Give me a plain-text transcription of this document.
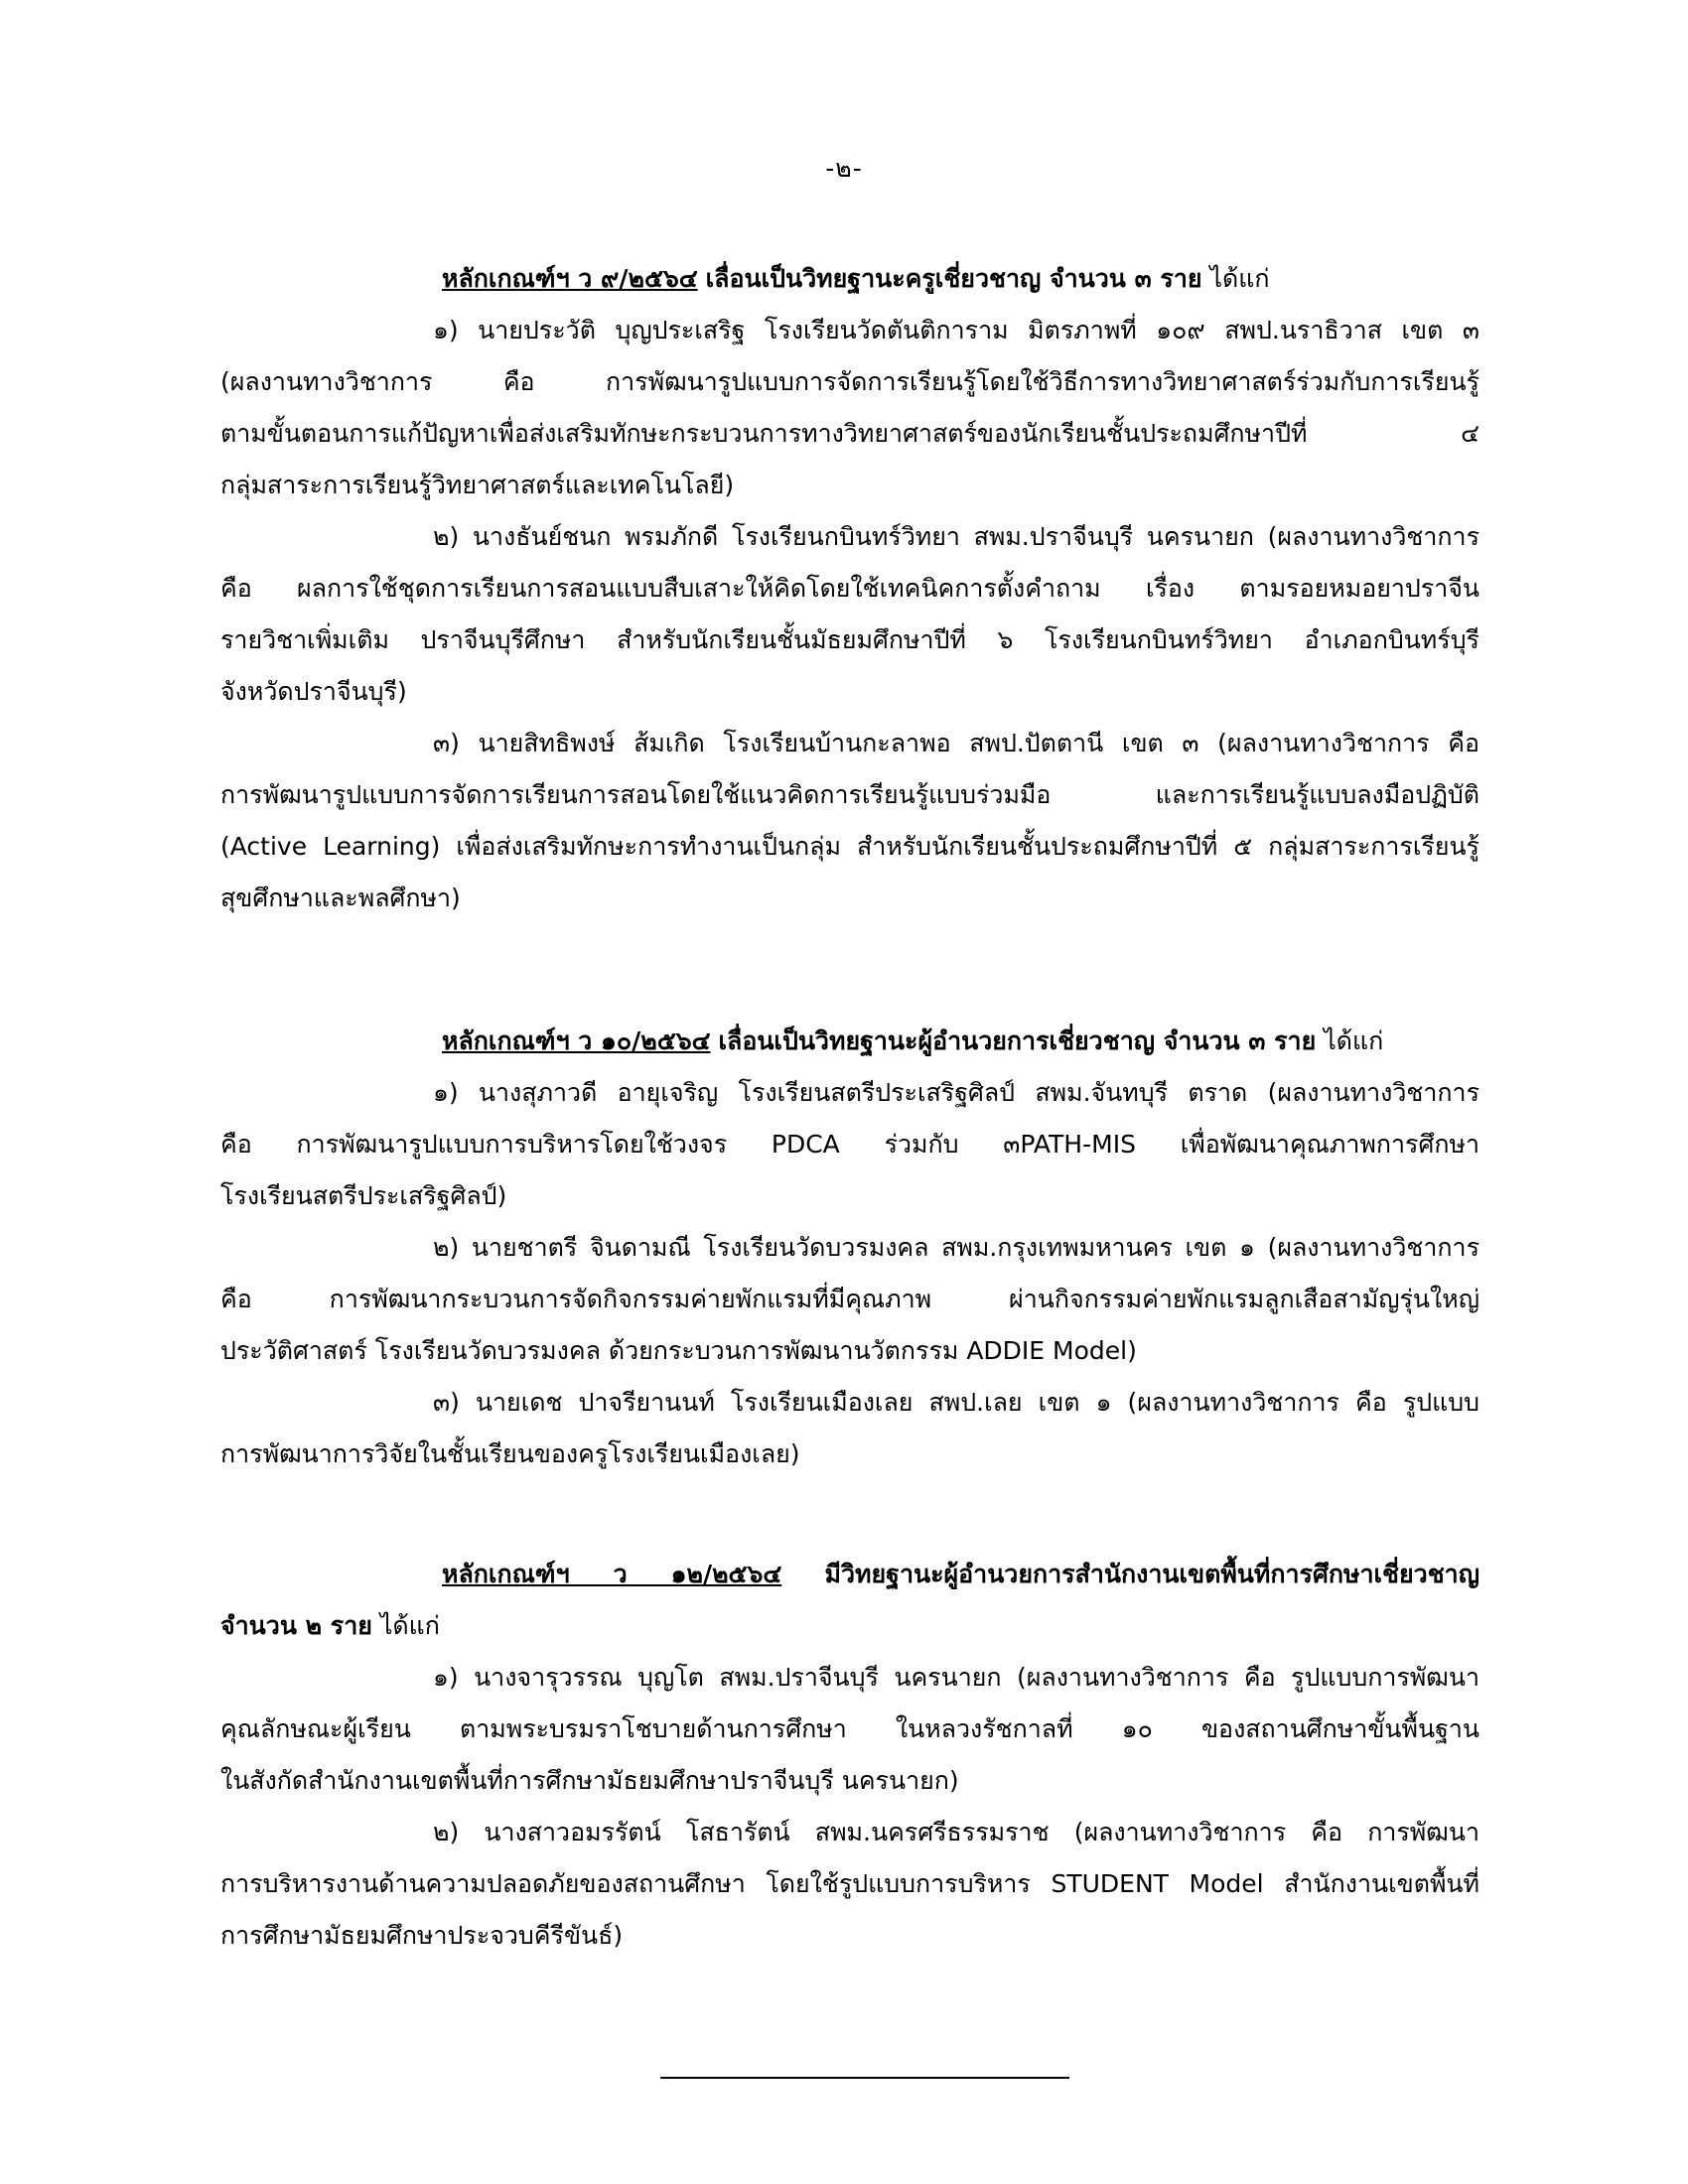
-๒-
หลักเกณฑ์ฯ ว ๙/๒๕๖๔ เลื่อนเป็นวิทยฐานะครูเชี่ยวชาญ จำนวน ๓ ราย ได้แก่
๑) นายประวัติ บุญประเสริฐ โรงเรียนวัดตันติการาม มิตรภาพที่ ๑๐๙ สพป.นราธิวาส เขต ๓
(ผลงานทางวิชาการ คือ การพัฒนารูปแบบการจัดการเรียนรู้โดยใช้วิธีการทางวิทยาศาสตร์ร่วมกับการเรียนรู้
ตามขั้นตอนการแก้ปัญหาเพื่อส่งเสริมทักษะกระบวนการทางวิทยาศาสตร์ของนักเรียนชั้นประถมศึกษาปีที่ ๔
กลุ่มสาระการเรียนรู้วิทยาศาสตร์และเทคโนโลยี)
๒) นางธันย์ชนก พรมภักดี โรงเรียนกบินทร์วิทยา สพม.ปราจีนบุรี นครนายก (ผลงานทางวิชาการ
คือ ผลการใช้ชุดการเรียนการสอนแบบสืบเสาะให้คิดโดยใช้เทคนิคการตั้งคำถาม เรื่อง ตามรอยหมอยาปราจีน
รายวิชาเพิ่มเติม ปราจีนบุรีศึกษา สำหรับนักเรียนชั้นมัธยมศึกษาปีที่ ๖ โรงเรียนกบินทร์วิทยา อำเภอกบินทร์บุรี
จังหวัดปราจีนบุรี)
๓) นายสิทธิพงษ์ ส้มเกิด โรงเรียนบ้านกะลาพอ สพป.ปัตตานี เขต ๓ (ผลงานทางวิชาการ คือ
การพัฒนารูปแบบการจัดการเรียนการสอนโดยใช้แนวคิดการเรียนรู้แบบร่วมมือ และการเรียนรู้แบบลงมือปฏิบัติ
(Active Learning) เพื่อส่งเสริมทักษะการทำงานเป็นกลุ่ม สำหรับนักเรียนชั้นประถมศึกษาปีที่ ๕ กลุ่มสาระการเรียนรู้
สุขศึกษาและพลศึกษา)
หลักเกณฑ์ฯ ว ๑๐/๒๕๖๔ เลื่อนเป็นวิทยฐานะผู้อำนวยการเชี่ยวชาญ จำนวน ๓ ราย ได้แก่
๑) นางสุภาวดี อายุเจริญ โรงเรียนสตรีประเสริฐศิลป์ สพม.จันทบุรี ตราด (ผลงานทางวิชาการ
คือ การพัฒนารูปแบบการบริหารโดยใช้วงจร PDCA ร่วมกับ ๓PATH-MIS เพื่อพัฒนาคุณภาพการศึกษา
โรงเรียนสตรีประเสริฐศิลป์)
๒) นายชาตรี จินดามณี โรงเรียนวัดบวรมงคล สพม.กรุงเทพมหานคร เขต ๑ (ผลงานทางวิชาการ
คือ การพัฒนากระบวนการจัดกิจกรรมค่ายพักแรมที่มีคุณภาพ ผ่านกิจกรรมค่ายพักแรมลูกเสือสามัญรุ่นใหญ่
ประวัติศาสตร์ โรงเรียนวัดบวรมงคล ด้วยกระบวนการพัฒนานวัตกรรม ADDIE Model)
๓) นายเดช ปาจรียานนท์ โรงเรียนเมืองเลย สพป.เลย เขต ๑ (ผลงานทางวิชาการ คือ รูปแบบ
การพัฒนาการวิจัยในชั้นเรียนของครูโรงเรียนเมืองเลย)
หลักเกณฑ์ฯ ว ๑๒/๒๕๖๔ มีวิทยฐานะผู้อำนวยการสำนักงานเขตพื้นที่การศึกษาเชี่ยวชาญ
จำนวน ๒ ราย ได้แก่
๑) นางจารุวรรณ บุญโต สพม.ปราจีนบุรี นครนายก (ผลงานทางวิชาการ คือ รูปแบบการพัฒนา
คุณลักษณะผู้เรียน ตามพระบรมราโชบายด้านการศึกษา ในหลวงรัชกาลที่ ๑๐ ของสถานศึกษาขั้นพื้นฐาน
ในสังกัดสำนักงานเขตพื้นที่การศึกษามัธยมศึกษาปราจีนบุรี นครนายก)
๒) นางสาวอมรรัตน์ โสธารัตน์ สพม.นครศรีธรรมราช (ผลงานทางวิชาการ คือ การพัฒนา
การบริหารงานด้านความปลอดภัยของสถานศึกษา โดยใช้รูปแบบการบริหาร STUDENT Model สำนักงานเขตพื้นที่
การศึกษามัธยมศึกษาประจวบคีรีขันธ์)
